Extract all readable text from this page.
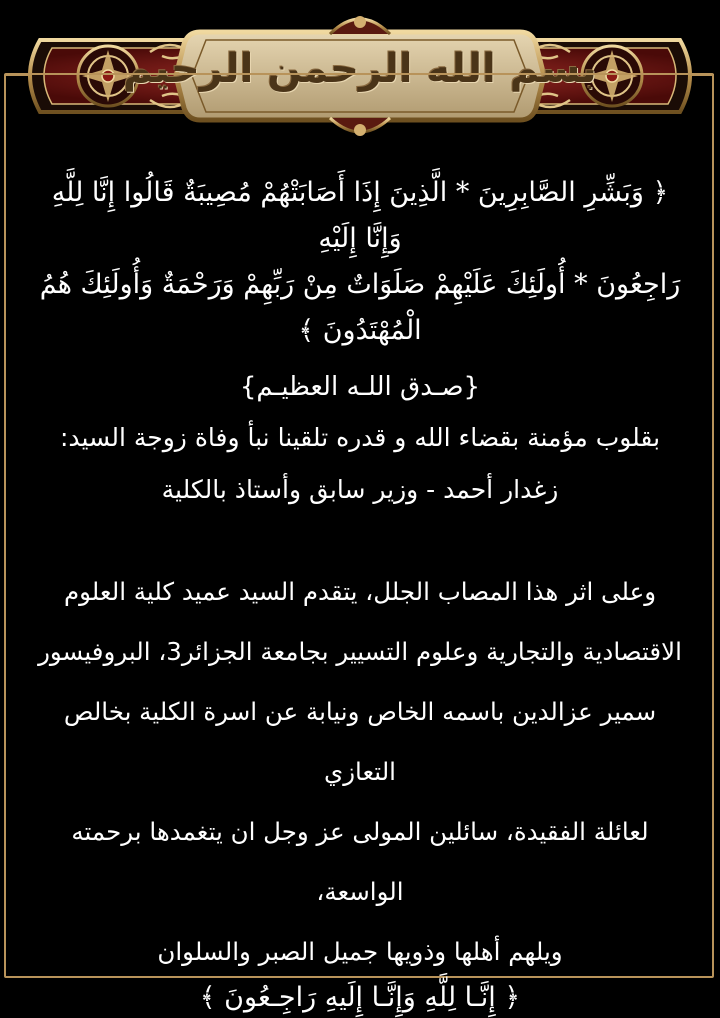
بسم الله الرحمن الرحيم
﴿ وَبَشِّرِ الصَّابِرِينَ * الَّذِينَ إِذَا أَصَابَتْهُمْ مُصِيبَةٌ قَالُوا إِنَّا لِلَّهِ وَإِنَّا إِلَيْهِ
رَاجِعُونَ * أُولَئِكَ عَلَيْهِمْ صَلَوَاتٌ مِنْ رَبِّهِمْ وَرَحْمَةٌ وَأُولَئِكَ هُمُ
الْمُهْتَدُونَ ﴾
{صـدق اللـه العظيـم}

بقلوب مؤمنة بقضاء الله و قدره تلقينا نبأ وفاة زوجة السيد:

زغدار أحمد - وزير سابق وأستاذ بالكلية

وعلى اثر هذا المصاب الجلل، يتقدم السيد عميد كلية العلوم

الاقتصادية والتجارية وعلوم التسيير بجامعة الجزائر3، البروفيسور

سمير عزالدين باسمه الخاص ونيابة عن اسرة الكلية بخالص التعازي

لعائلة الفقيدة، سائلين المولى عز وجل ان يتغمدها برحمته الواسعة،

ويلهم أهلها وذويها جميل الصبر والسلوان

﴿ إِنَّـا لِلَّهِ وَإِنَّـا إِلَيهِ رَاجِـعُونَ ﴾
